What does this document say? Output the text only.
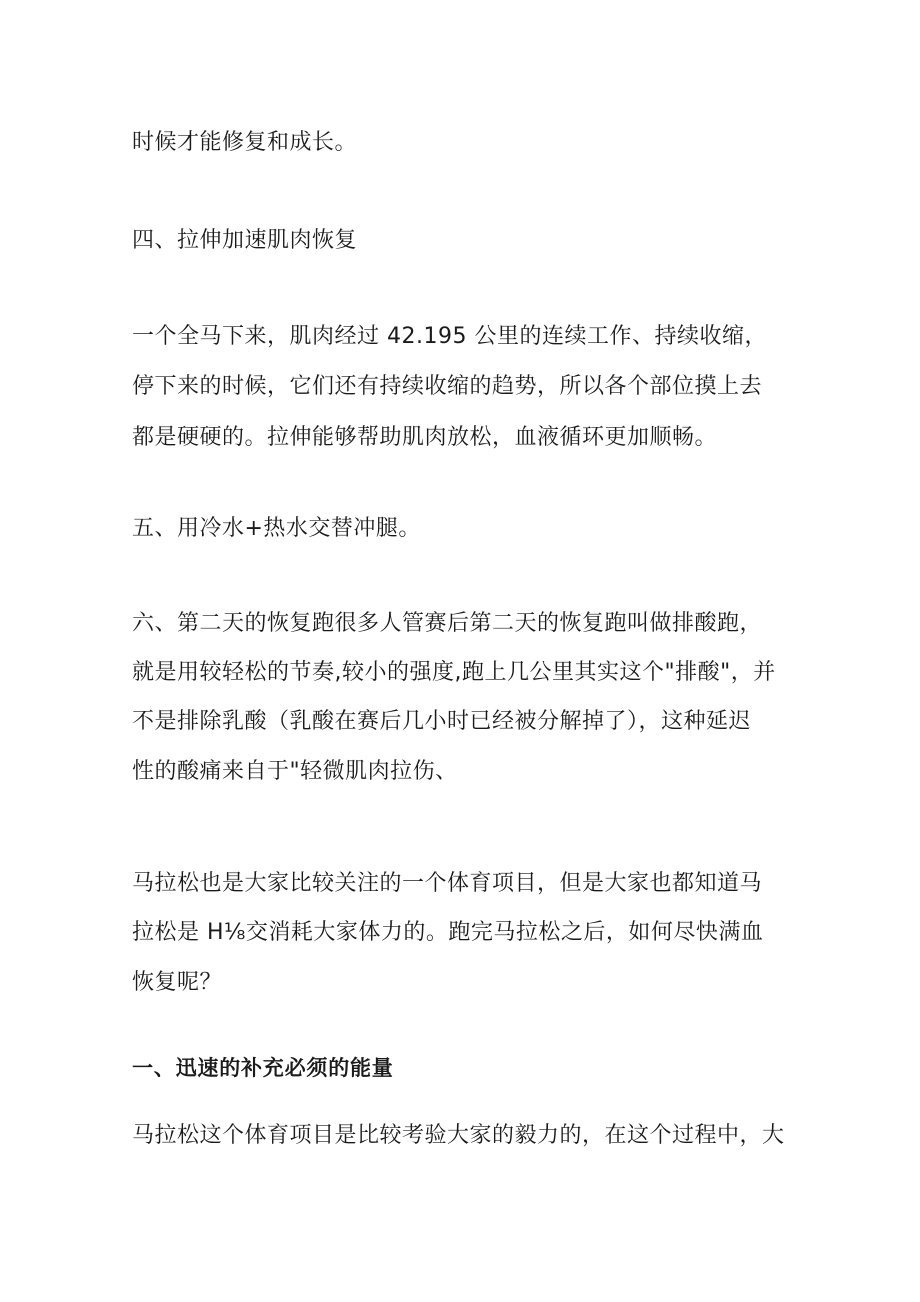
时候才能修复和成长。

四、拉伸加速肌肉恢复

一个全马下来，肌肉经过 42.195 公里的连续工作、持续收缩，

停下来的时候，它们还有持续收缩的趋势，所以各个部位摸上去

都是硬硬的。拉伸能够帮助肌肉放松，血液循环更加顺畅。

五、用冷水+热水交替冲腿。

六、第二天的恢复跑很多人管赛后第二天的恢复跑叫做排酸跑，

就是用较轻松的节奏,较小的强度,跑上几公里其实这个"排酸"，并

不是排除乳酸（乳酸在赛后几小时已经被分解掉了），这种延迟

性的酸痛来自于"轻微肌肉拉伤、

马拉松也是大家比较关注的一个体育项目，但是大家也都知道马

拉松是 H⅛交消耗大家体力的。跑完马拉松之后，如何尽快满血

恢复呢？

一、迅速的补充必须的能量

马拉松这个体育项目是比较考验大家的毅力的，在这个过程中，大
